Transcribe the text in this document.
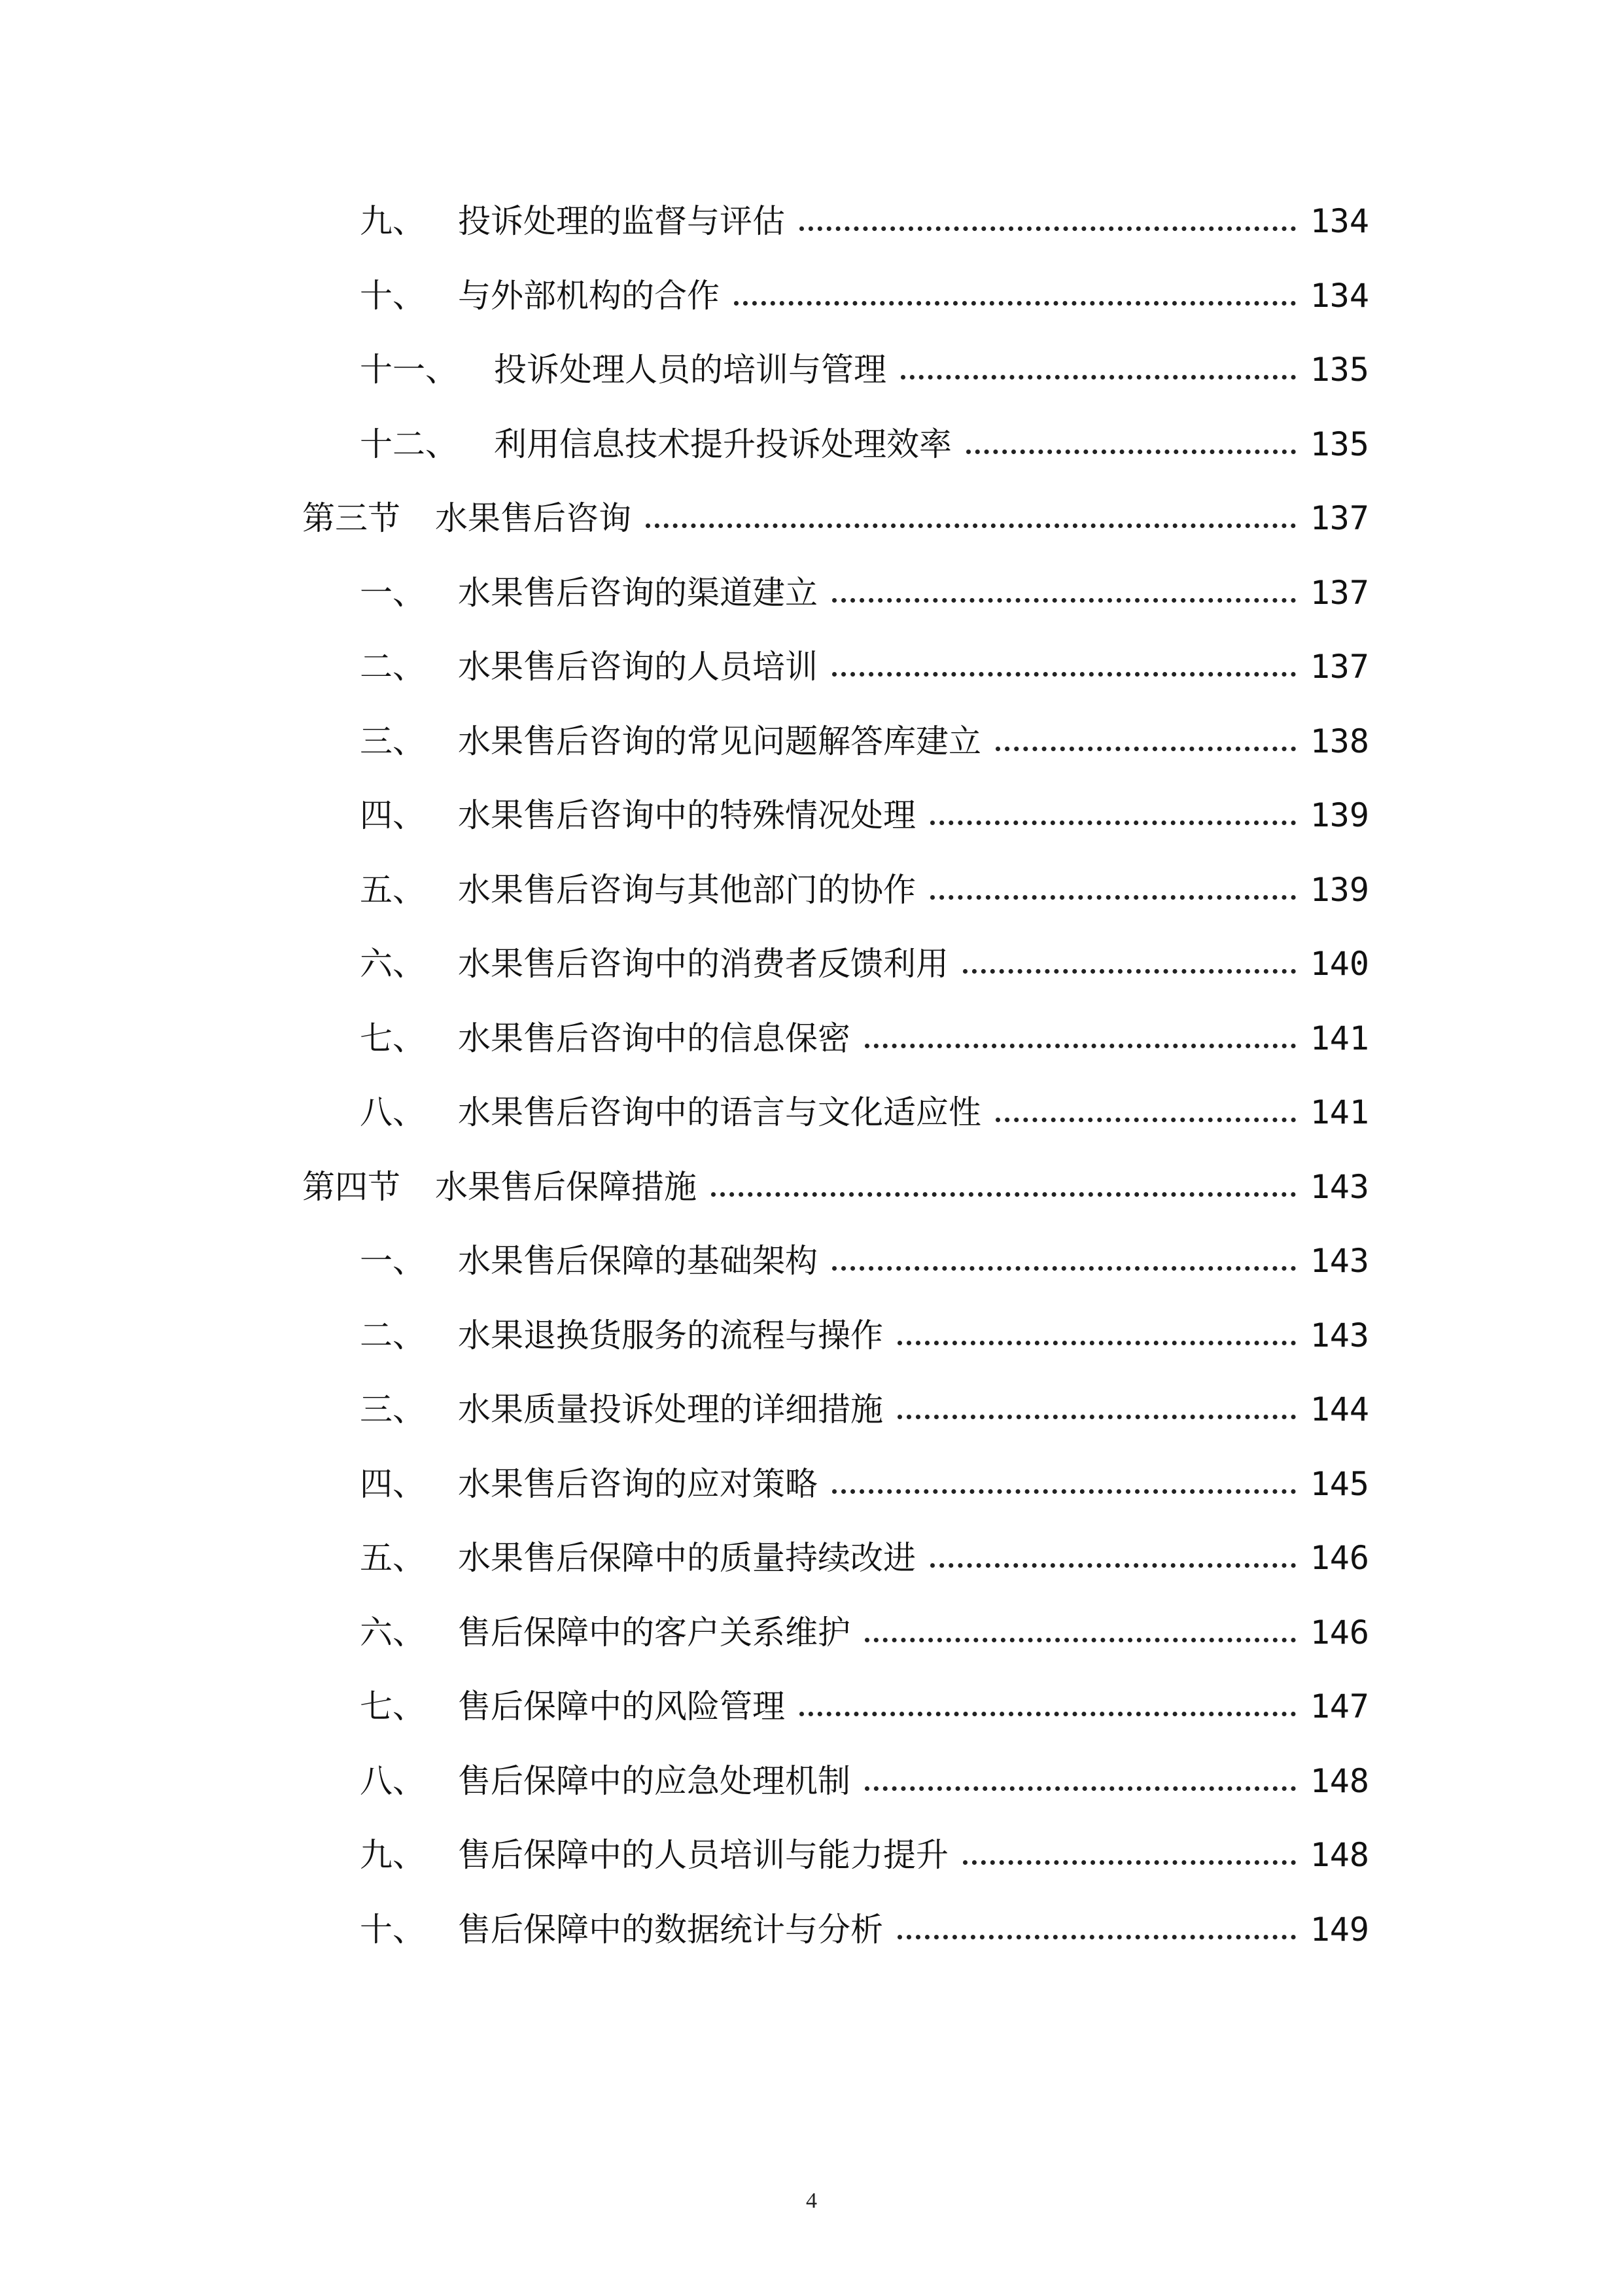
九、 投诉处理的监督与评估	134
十、 与外部机构的合作	134
十一、 投诉处理人员的培训与管理	135
十二、 利用信息技术提升投诉处理效率	135
第三节 水果售后咨询	137
一、 水果售后咨询的渠道建立	137
二、 水果售后咨询的人员培训	137
三、 水果售后咨询的常见问题解答库建立	138
四、 水果售后咨询中的特殊情况处理	139
五、 水果售后咨询与其他部门的协作	139
六、 水果售后咨询中的消费者反馈利用	140
七、 水果售后咨询中的信息保密	141
八、 水果售后咨询中的语言与文化适应性	141
第四节 水果售后保障措施	143
一、 水果售后保障的基础架构	143
二、 水果退换货服务的流程与操作	143
三、 水果质量投诉处理的详细措施	144
四、 水果售后咨询的应对策略	145
五、 水果售后保障中的质量持续改进	146
六、 售后保障中的客户关系维护	146
七、 售后保障中的风险管理	147
八、 售后保障中的应急处理机制	148
九、 售后保障中的人员培训与能力提升	148
十、 售后保障中的数据统计与分析	149
4
